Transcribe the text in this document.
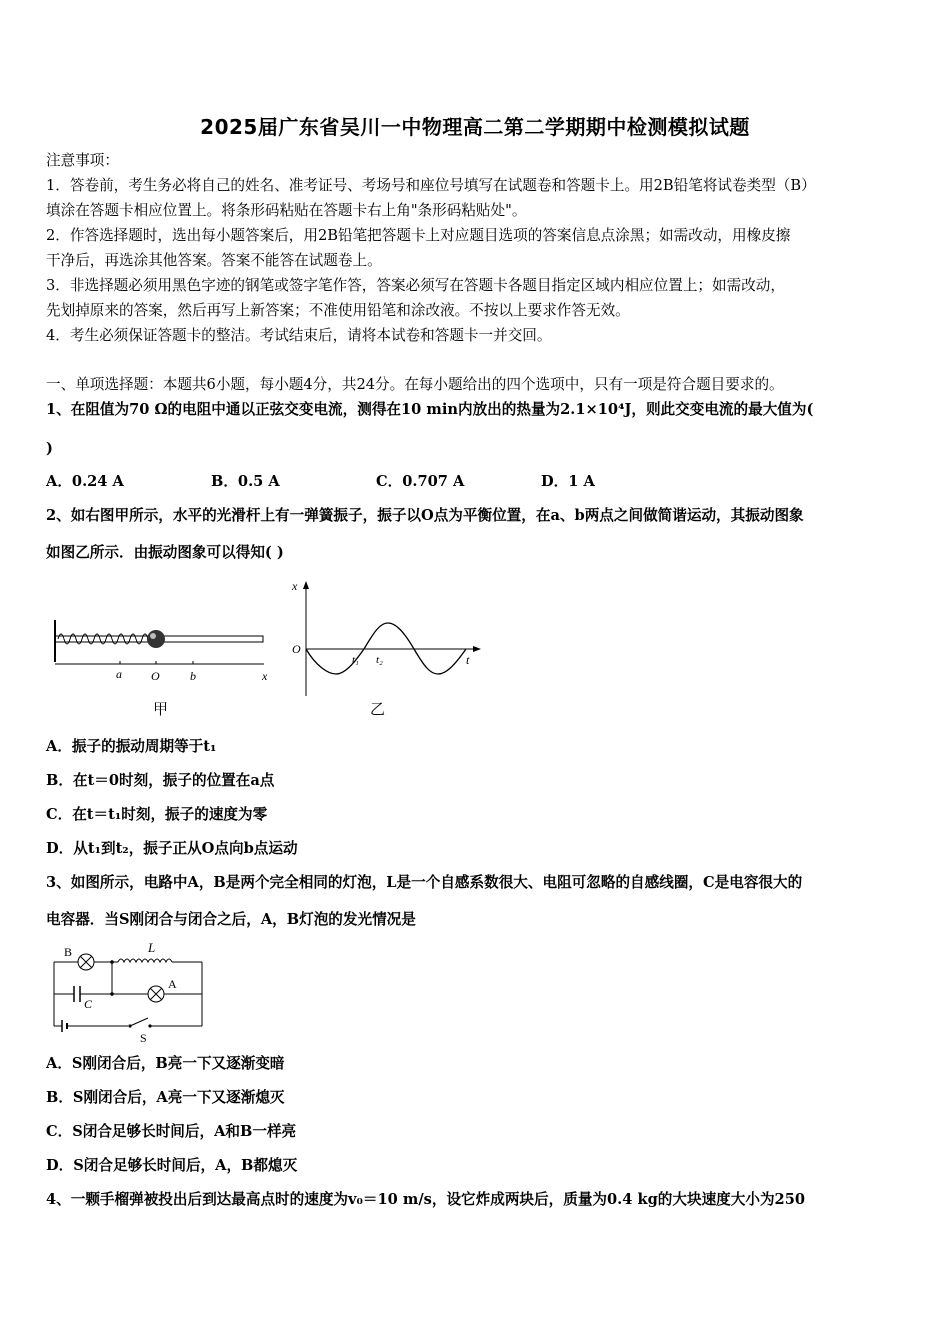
2025届广东省吴川一中物理高二第二学期期中检测模拟试题
注意事项：
1．答卷前，考生务必将自己的姓名、准考证号、考场号和座位号填写在试题卷和答题卡上。用2B铅笔将试卷类型（B）
填涂在答题卡相应位置上。将条形码粘贴在答题卡右上角"条形码粘贴处"。
2．作答选择题时，选出每小题答案后，用2B铅笔把答题卡上对应题目选项的答案信息点涂黑；如需改动，用橡皮擦
干净后，再选涂其他答案。答案不能答在试题卷上。
3．非选择题必须用黑色字迹的钢笔或签字笔作答，答案必须写在答题卡各题目指定区域内相应位置上；如需改动，
先划掉原来的答案，然后再写上新答案；不准使用铅笔和涂改液。不按以上要求作答无效。
4．考生必须保证答题卡的整洁。考试结束后，请将本试卷和答题卡一并交回。
一、单项选择题：本题共6小题，每小题4分，共24分。在每小题给出的四个选项中，只有一项是符合题目要求的。
1、在阻值为70 Ω的电阻中通以正弦交变电流，测得在10 min内放出的热量为2.1×10⁴J，则此交变电流的最大值为(
)
A．0.24 A	B．0.5 A	C．0.707 A	D．1 A
2、如右图甲所示，水平的光滑杆上有一弹簧振子，振子以O点为平衡位置，在a、b两点之间做简谐运动，其振动图象
如图乙所示．由振动图象可以得知( )
a O	b	x
甲
x
O
t
t₁ t₂
乙
A．振子的振动周期等于t₁
B．在t＝0时刻，振子的位置在a点
C．在t＝t₁时刻，振子的速度为零
D．从t₁到t₂，振子正从O点向b点运动
3、如图所示，电路中A，B是两个完全相同的灯泡，L是一个自感系数很大、电阻可忽略的自感线圈，C是电容很大的
电容器．当S刚闭合与闭合之后，A，B灯泡的发光情况是
B	L
C
A
S
A．S刚闭合后，B亮一下又逐渐变暗
B．S刚闭合后，A亮一下又逐渐熄灭
C．S闭合足够长时间后，A和B一样亮
D．S闭合足够长时间后，A，B都熄灭
4、一颗手榴弹被投出后到达最高点时的速度为v₀＝10 m/s，设它炸成两块后，质量为0.4 kg的大块速度大小为250
